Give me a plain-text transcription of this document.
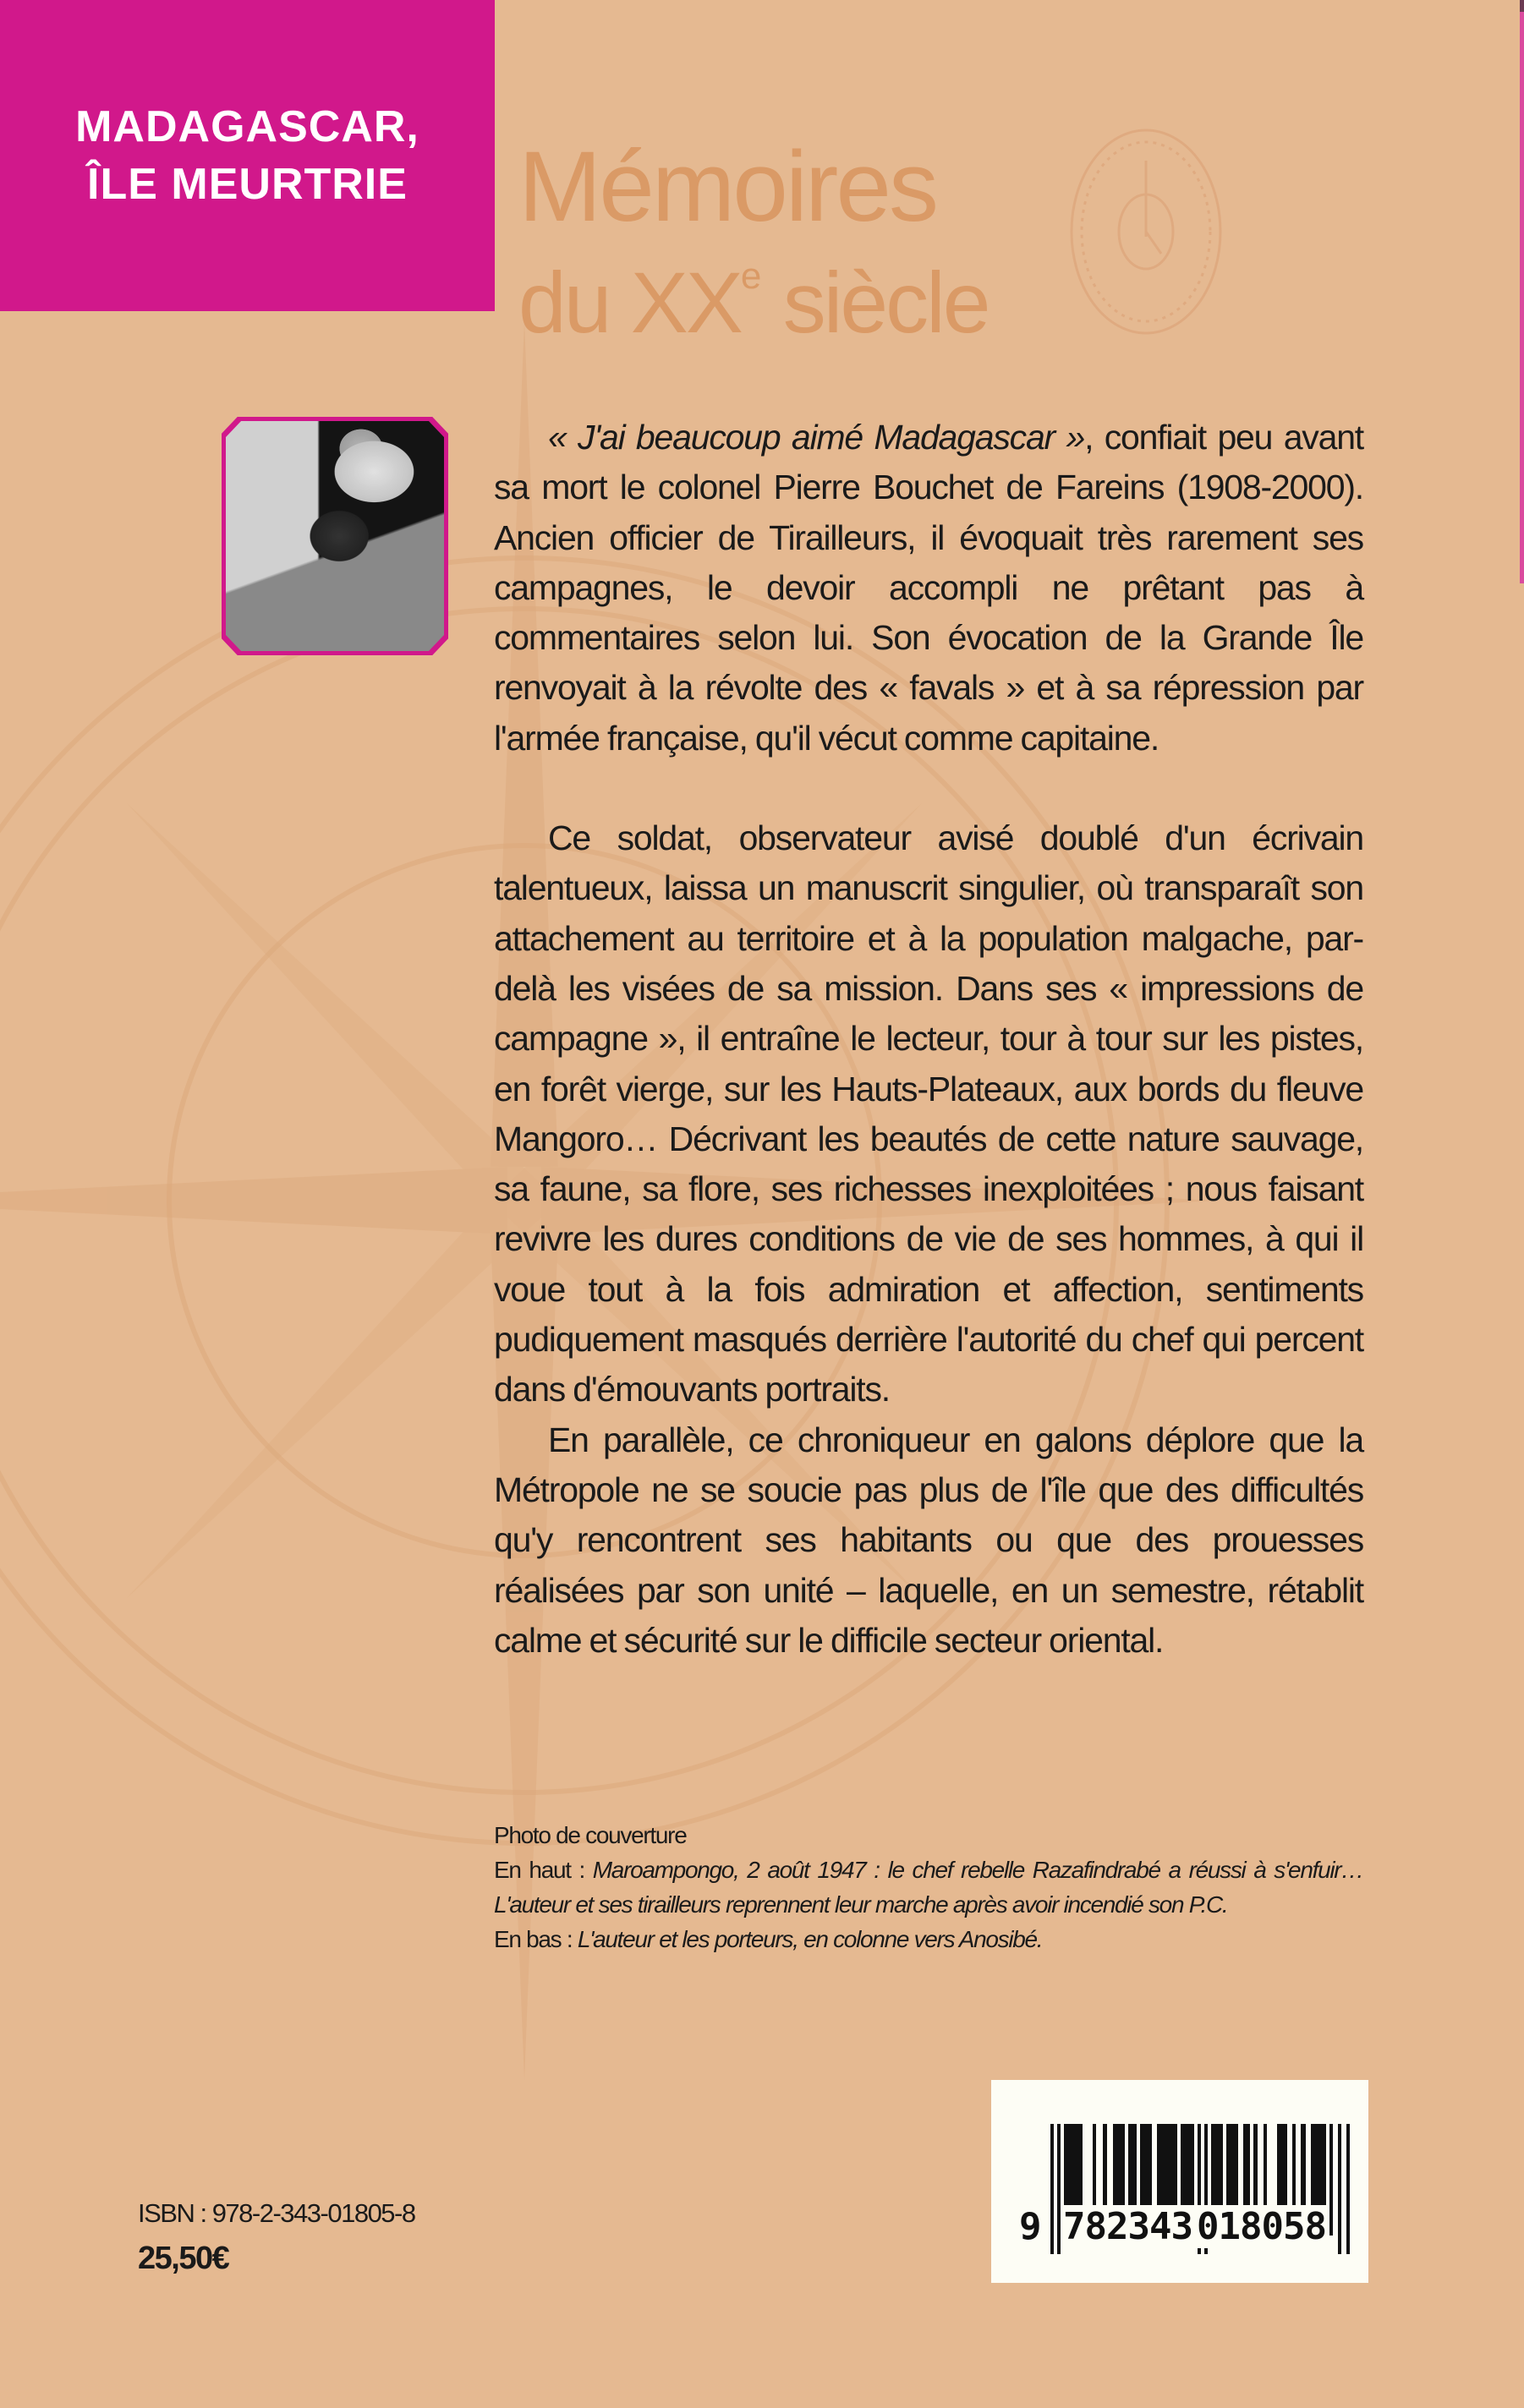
MADAGASCAR,
ÎLE MEURTRIE Mémoires
du XXe siècle

« J'ai beaucoup aimé Madagascar », confiait peu avant sa mort le colonel Pierre Bouchet de Fareins (1908-2000). Ancien officier de Tirailleurs, il évoquait très rarement ses campagnes, le devoir accompli ne prêtant pas à commentaires selon lui. Son évocation de la Grande Île renvoyait à la révolte des « favals » et à sa répression par l'armée française, qu'il vécut comme capitaine.

Ce soldat, observateur avisé doublé d'un écrivain talentueux, laissa un manuscrit singulier, où transparaît son attachement au territoire et à la population malgache, par-delà les visées de sa mission. Dans ses « impressions de campagne », il entraîne le lecteur, tour à tour sur les pistes, en forêt vierge, sur les Hauts-Plateaux, aux bords du fleuve Mangoro… Décrivant les beautés de cette nature sauvage, sa faune, sa flore, ses richesses inexploitées ; nous faisant revivre les dures conditions de vie de ses hommes, à qui il voue tout à la fois admiration et affection, sentiments pudiquement masqués derrière l'autorité du chef qui percent dans d'émouvants portraits.

En parallèle, ce chroniqueur en galons déplore que la Métropole ne se soucie pas plus de l'île que des difficultés qu'y rencontrent ses habitants ou que des prouesses réalisées par son unité – laquelle, en un semestre, rétablit calme et sécurité sur le difficile secteur oriental.

Photo de couverture
En haut : Maroampongo, 2 août 1947 : le chef rebelle Razafindrabé a réussi à s'enfuir… L'auteur et ses tirailleurs reprennent leur marche après avoir incendié son P.C.
En bas : L'auteur et les porteurs, en colonne vers Anosibé.
ISBN : 978-2-343-01805-8
25,50€
9 782343 018058
